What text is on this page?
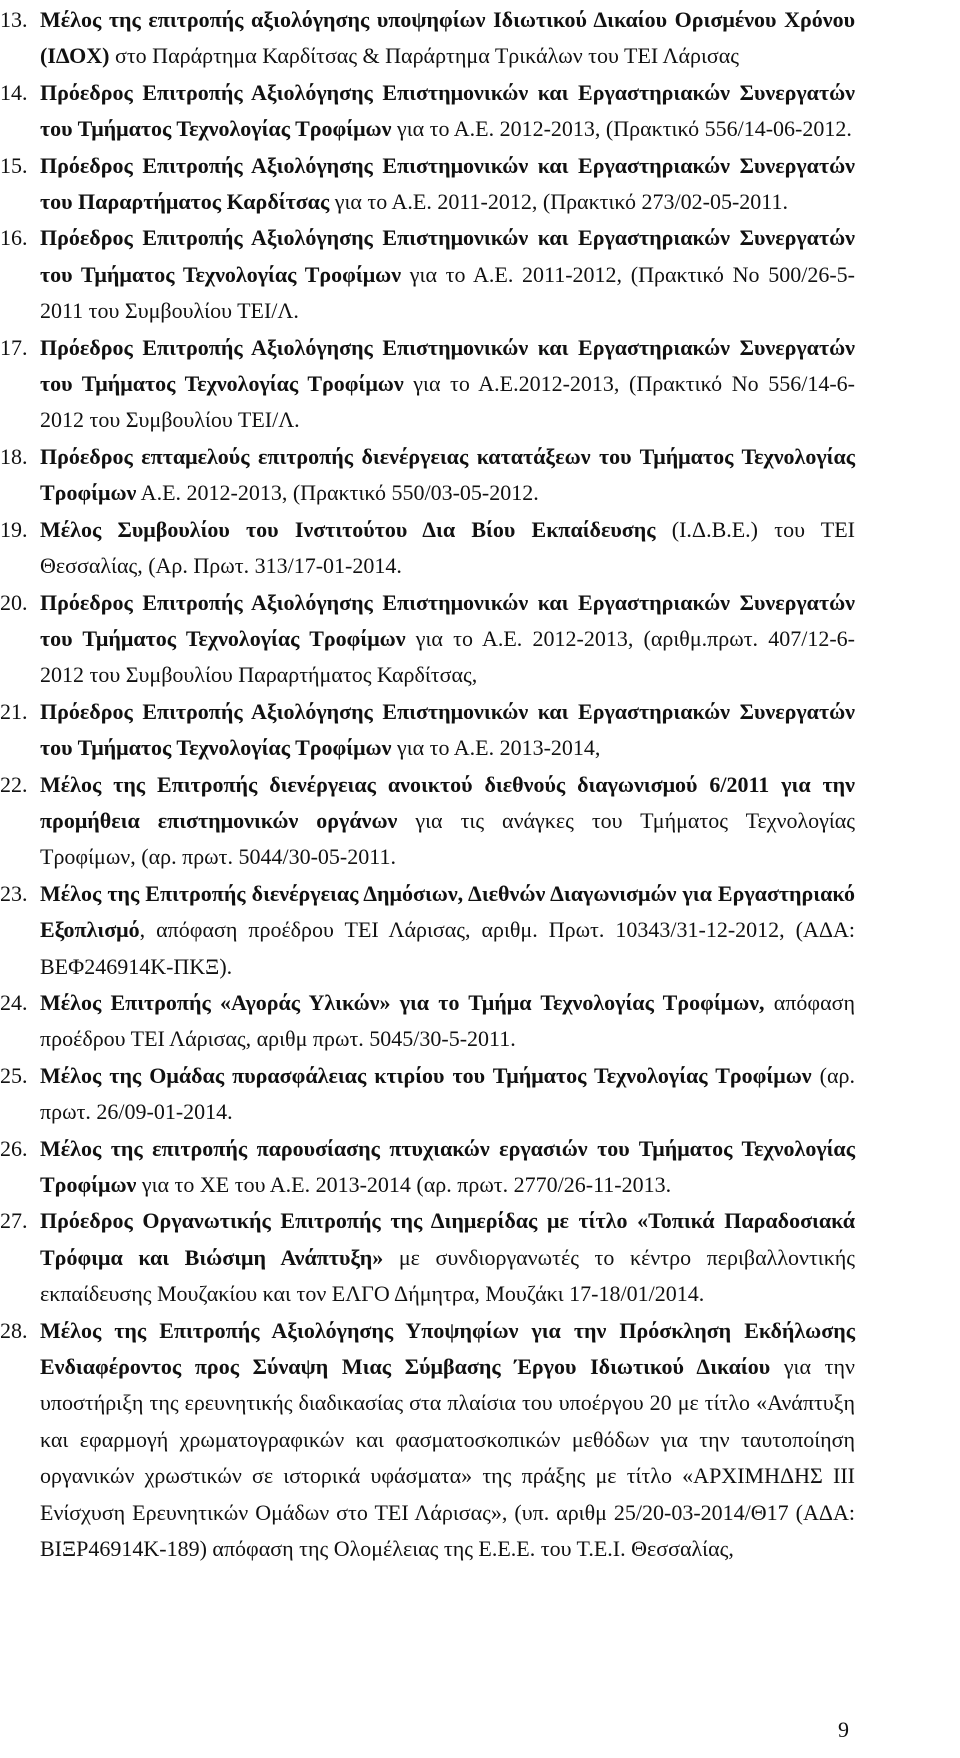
13. Μέλος της επιτροπής αξιολόγησης υποψηφίων Ιδιωτικού Δικαίου Ορισμένου Χρόνου (ΙΔΟΧ) στο Παράρτημα Καρδίτσας & Παράρτημα Τρικάλων του ΤΕΙ Λάρισας
14. Πρόεδρος Επιτροπής Αξιολόγησης Επιστημονικών και Εργαστηριακών Συνεργατών του Τμήματος Τεχνολογίας Τροφίμων για το Α.Ε. 2012-2013, (Πρακτικό 556/14-06-2012.
15. Πρόεδρος Επιτροπής Αξιολόγησης Επιστημονικών και Εργαστηριακών Συνεργατών του Παραρτήματος Καρδίτσας για το Α.Ε. 2011-2012, (Πρακτικό 273/02-05-2011.
16. Πρόεδρος Επιτροπής Αξιολόγησης Επιστημονικών και Εργαστηριακών Συνεργατών του Τμήματος Τεχνολογίας Τροφίμων για το Α.Ε. 2011-2012, (Πρακτικό Νο 500/26-5-2011 του Συμβουλίου ΤΕΙ/Λ.
17. Πρόεδρος Επιτροπής Αξιολόγησης Επιστημονικών και Εργαστηριακών Συνεργατών του Τμήματος Τεχνολογίας Τροφίμων για το Α.Ε.2012-2013, (Πρακτικό Νο 556/14-6-2012 του Συμβουλίου ΤΕΙ/Λ.
18. Πρόεδρος επταμελούς επιτροπής διενέργειας κατατάξεων του Τμήματος Τεχνολογίας Τροφίμων Α.Ε. 2012-2013, (Πρακτικό 550/03-05-2012.
19. Μέλος Συμβουλίου του Ινστιτούτου Δια Βίου Εκπαίδευσης (Ι.Δ.Β.Ε.) του ΤΕΙ Θεσσαλίας, (Αρ. Πρωτ. 313/17-01-2014.
20. Πρόεδρος Επιτροπής Αξιολόγησης Επιστημονικών και Εργαστηριακών Συνεργατών του Τμήματος Τεχνολογίας Τροφίμων για το Α.Ε. 2012-2013, (αριθμ.πρωτ. 407/12-6-2012 του Συμβουλίου Παραρτήματος Καρδίτσας,
21. Πρόεδρος Επιτροπής Αξιολόγησης Επιστημονικών και Εργαστηριακών Συνεργατών του Τμήματος Τεχνολογίας Τροφίμων για το Α.Ε. 2013-2014,
22. Μέλος της Επιτροπής διενέργειας ανοικτού διεθνούς διαγωνισμού 6/2011 για την προμήθεια επιστημονικών οργάνων για τις ανάγκες του Τμήματος Τεχνολογίας Τροφίμων, (αρ. πρωτ. 5044/30-05-2011.
23. Μέλος της Επιτροπής διενέργειας Δημόσιων, Διεθνών Διαγωνισμών για Εργαστηριακό Εξοπλισμό, απόφαση προέδρου ΤΕΙ Λάρισας, αριθμ. Πρωτ. 10343/31-12-2012, (ΑΔΑ: ΒΕΦ246914Κ-ΠΚΞ).
24. Μέλος Επιτροπής «Αγοράς Υλικών» για το Τμήμα Τεχνολογίας Τροφίμων, απόφαση προέδρου ΤΕΙ Λάρισας, αριθμ πρωτ. 5045/30-5-2011.
25. Μέλος της Ομάδας πυρασφάλειας κτιρίου του Τμήματος Τεχνολογίας Τροφίμων (αρ. πρωτ. 26/09-01-2014.
26. Μέλος της επιτροπής παρουσίασης πτυχιακών εργασιών του Τμήματος Τεχνολογίας Τροφίμων για το ΧΕ του Α.Ε. 2013-2014 (αρ. πρωτ. 2770/26-11-2013.
27. Πρόεδρος Οργανωτικής Επιτροπής της Διημερίδας με τίτλο «Τοπικά Παραδοσιακά Τρόφιμα και Βιώσιμη Ανάπτυξη» με συνδιοργανωτές το κέντρο περιβαλλοντικής εκπαίδευσης Μουζακίου και τον ΕΛΓΟ Δήμητρα, Μουζάκι 17-18/01/2014.
28. Μέλος της Επιτροπής Αξιολόγησης Υποψηφίων για την Πρόσκληση Εκδήλωσης Ενδιαφέροντος προς Σύναψη Μιας Σύμβασης Έργου Ιδιωτικού Δικαίου για την υποστήριξη της ερευνητικής διαδικασίας στα πλαίσια του υποέργου 20 με τίτλο «Ανάπτυξη και εφαρμογή χρωματογραφικών και φασματοσκοπικών μεθόδων για την ταυτοποίηση οργανικών χρωστικών σε ιστορικά υφάσματα» της πράξης με τίτλο «ΑΡΧΙΜΗΔΗΣ ΙΙΙ Ενίσχυση Ερευνητικών Ομάδων στο ΤΕΙ Λάρισας», (υπ. αριθμ 25/20-03-2014/Θ17 (ΑΔΑ: ΒΙΞΡ46914Κ-189) απόφαση της Ολομέλειας της Ε.Ε.Ε. του Τ.Ε.Ι. Θεσσαλίας,
9
